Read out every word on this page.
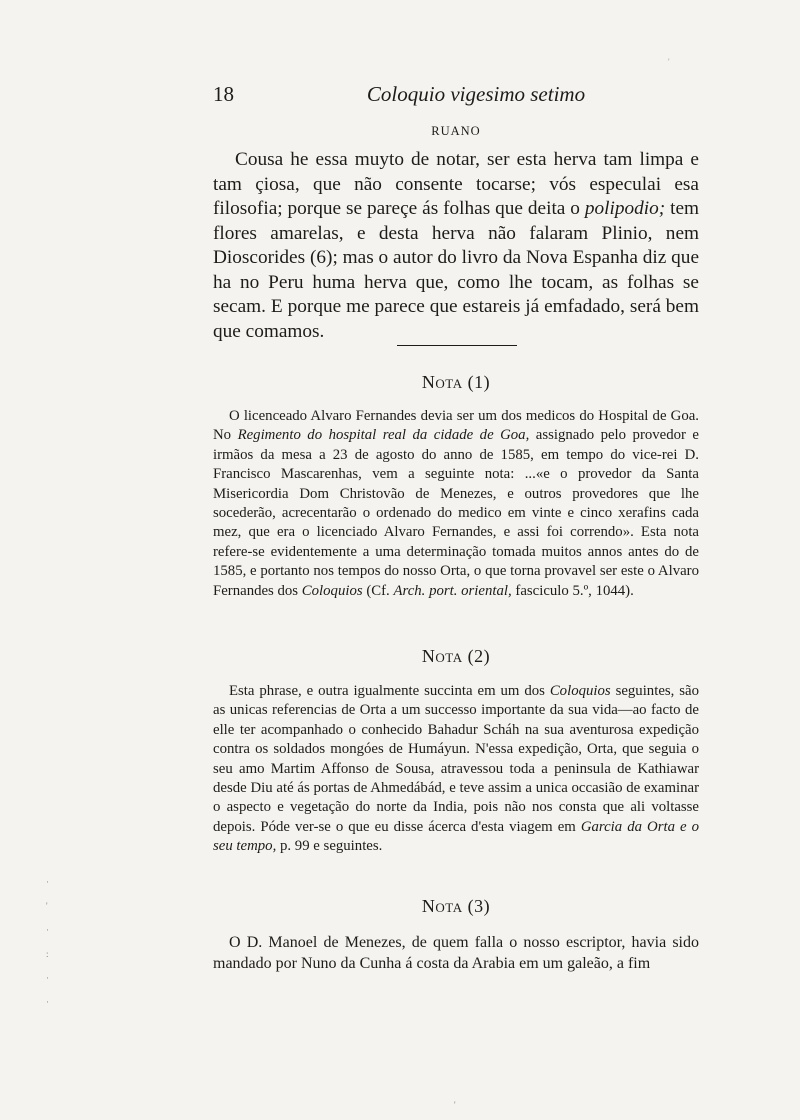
'
18	Coloquio vigesimo setimo
RUANO

Cousa he essa muyto de notar, ser esta herva tam limpa e tam çiosa, que não consente tocarse; vós especulai esa filosofia; porque se pareçe ás folhas que deita o polipodio; tem flores amarelas, e desta herva não falaram Plinio, nem Dioscorides (6); mas o autor do livro da Nova Espanha diz que ha no Peru huma herva que, como lhe tocam, as folhas se secam. E porque me parece que estareis já emfadado, será bem que comamos.

Nota (1)

O licenceado Alvaro Fernandes devia ser um dos medicos do Hospital de Goa. No Regimento do hospital real da cidade de Goa, assignado pelo provedor e irmãos da mesa a 23 de agosto do anno de 1585, em tempo do vice-rei D. Francisco Mascarenhas, vem a seguinte nota: ...«e o provedor da Santa Misericordia Dom Christovão de Menezes, e outros provedores que lhe socederão, acrecentarão o ordenado do medico em vinte e cinco xerafins cada mez, que era o licenciado Alvaro Fernandes, e assi foi correndo». Esta nota refere-se evidentemente a uma determinação tomada muitos annos antes do de 1585, e portanto nos tempos do nosso Orta, o que torna provavel ser este o Alvaro Fernandes dos Coloquios (Cf. Arch. port. oriental, fasciculo 5.º, 1044).

Nota (2)

Esta phrase, e outra igualmente succinta em um dos Coloquios seguintes, são as unicas referencias de Orta a um successo importante da sua vida—ao facto de elle ter acompanhado o conhecido Bahadur Scháh na sua aventurosa expedição contra os soldados mongóes de Humáyun. N'essa expedição, Orta, que seguia o seu amo Martim Affonso de Sousa, atravessou toda a peninsula de Kathiawar desde Diu até ás portas de Ahmedábád, e teve assim a unica occasião de examinar o aspecto e vegetação do norte da India, pois não nos consta que ali voltasse depois. Póde ver-se o que eu disse ácerca d'esta viagem em Garcia da Orta e o seu tempo, p. 99 e seguintes.

Nota (3)

O D. Manoel de Menezes, de quem falla o nosso escriptor, havia sido mandado por Nuno da Cunha á costa da Arabia em um galeão, a fim

·
'
·
:
·
·
'
